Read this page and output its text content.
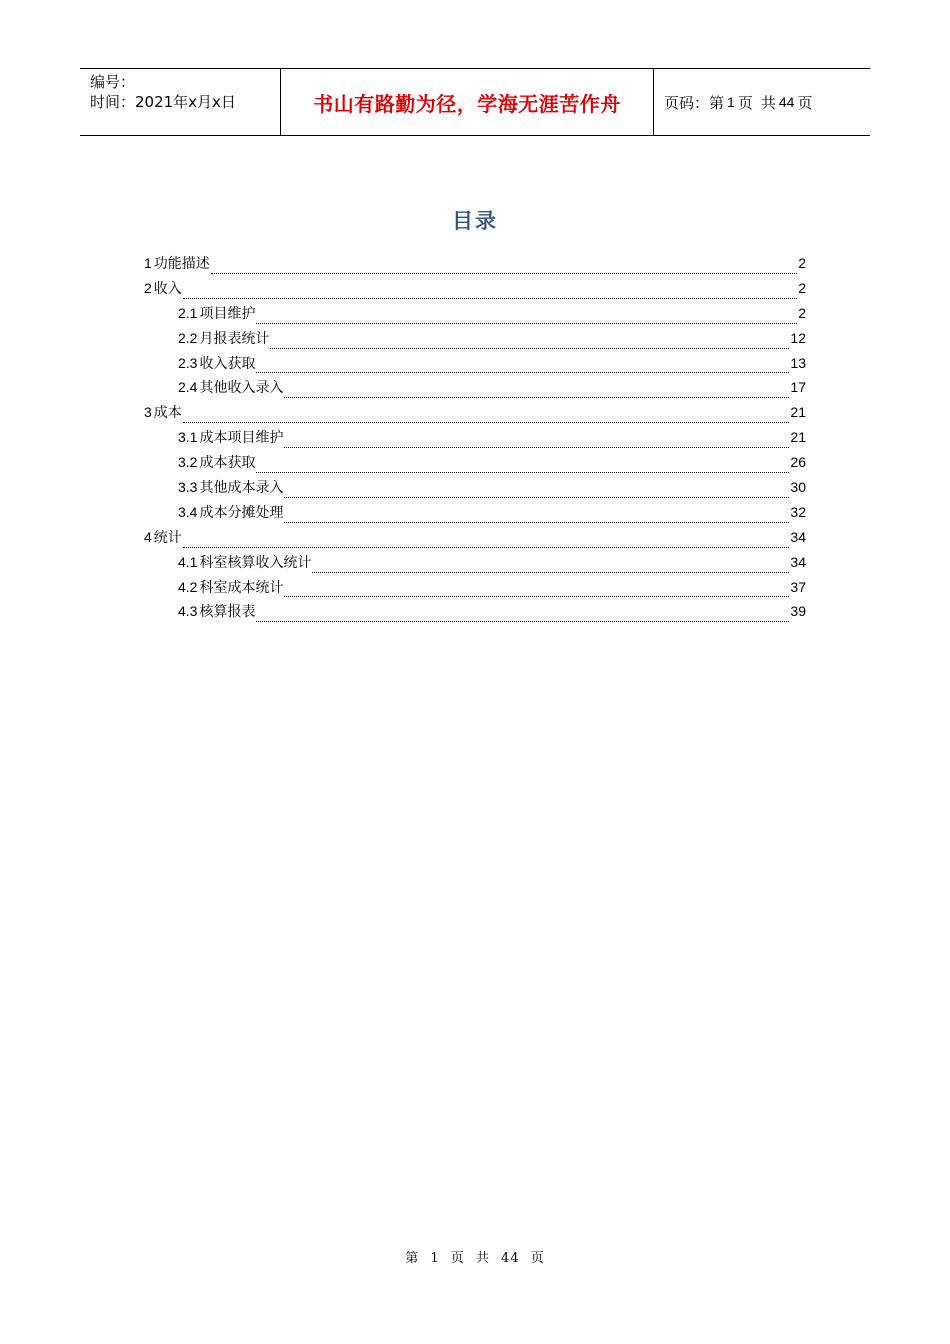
编号：
时间：2021年x月x日	书山有路勤为径，学海无涯苦作舟	页码：第 1 页 共 44 页
目录
1 功能描述	2
2 收入	2
2.1 项目维护	2
2.2 月报表统计	12
2.3 收入获取	13
2.4 其他收入录入	17
3 成本	21
3.1 成本项目维护	21
3.2 成本获取	26
3.3 其他成本录入	30
3.4 成本分摊处理	32
4 统计	34
4.1 科室核算收入统计	34
4.2 科室成本统计	37
4.3 核算报表	39
第 1 页 共 44 页
